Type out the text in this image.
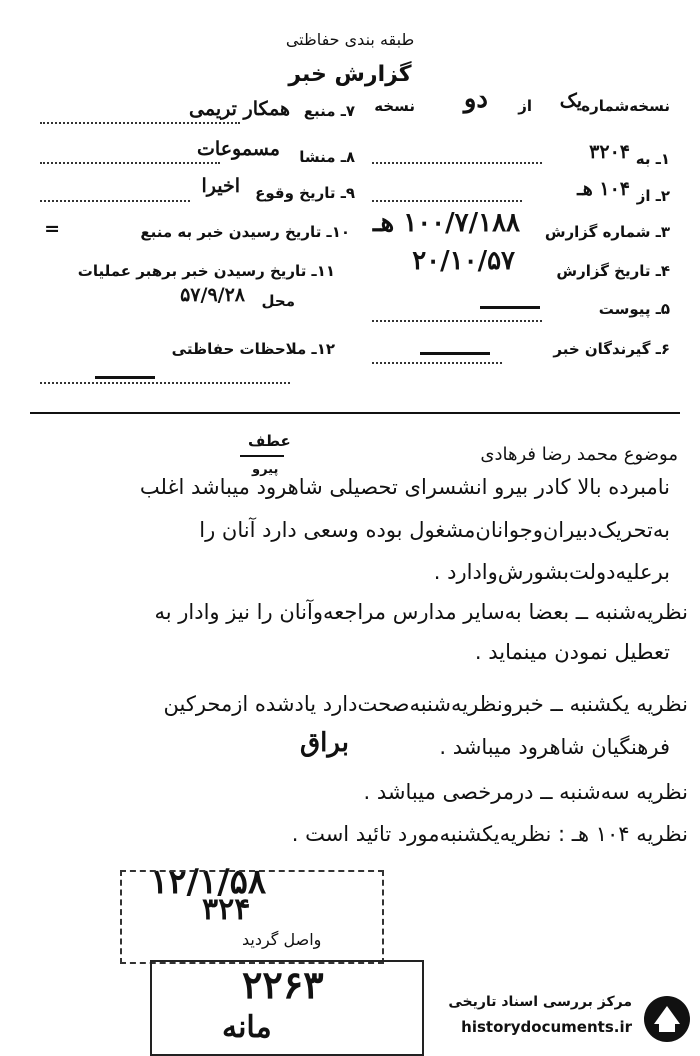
طبقه بندی حفاظتی
گزارش خبر
نسخه‌شماره
یک
از
دو
نسخه
۷ـ منبع
همکار تریمی
۱ـ به
۳۲۰۴
۸ـ منشا
مسموعات
۲ـ از
۱۰۴ هـ
۹ـ تاریخ وقوع
اخیرا
۳ـ شماره گزارش
۱۰۰/۷/۱۸۸ هـ
۱۰ـ تاریخ رسیدن خبر به منبع
=
۴ـ تاریخ گزارش
۲۰/۱۰/۵۷
۱۱ـ تاریخ رسیدن خبر برهبر عملیات
۵ـ پیوست
محل
۵۷/۹/۲۸
۶ـ گیرندگان خبر
۱۲ـ ملاحظات حفاظتی
عطف
پیرو
موضوع محمد رضا فرهادی
نامبرده بالا کادر بیرو انشسرای تحصیلی شاهرود میباشد اغلب
به‌تحریک‌دبیران‌وجوانان‌مشغول بوده وسعی دارد آنان را
برعلیه‌دولت‌بشورش‌وادارد .
نظریه‌شنبه ــ بعضا به‌سایر مدارس مراجعه‌وآنان را نیز وادار به
تعطیل نمودن مینماید .
نظریه یکشنبه ــ خبرونظریه‌شنبه‌صحت‌دارد یادشده ازمحرکین
فرهنگیان شاهرود میباشد .
براق
نظریه سه‌شنبه ــ درمرخصی میباشد .
نظریه ۱۰۴ هـ : نظریه‌یکشنبه‌مورد تائید است .
۱۲/۱/۵۸
۳۲۴
واصل گردید
۲۲۶۳
مانه
مرکز بررسی اسناد تاریخی
historydocuments.ir
